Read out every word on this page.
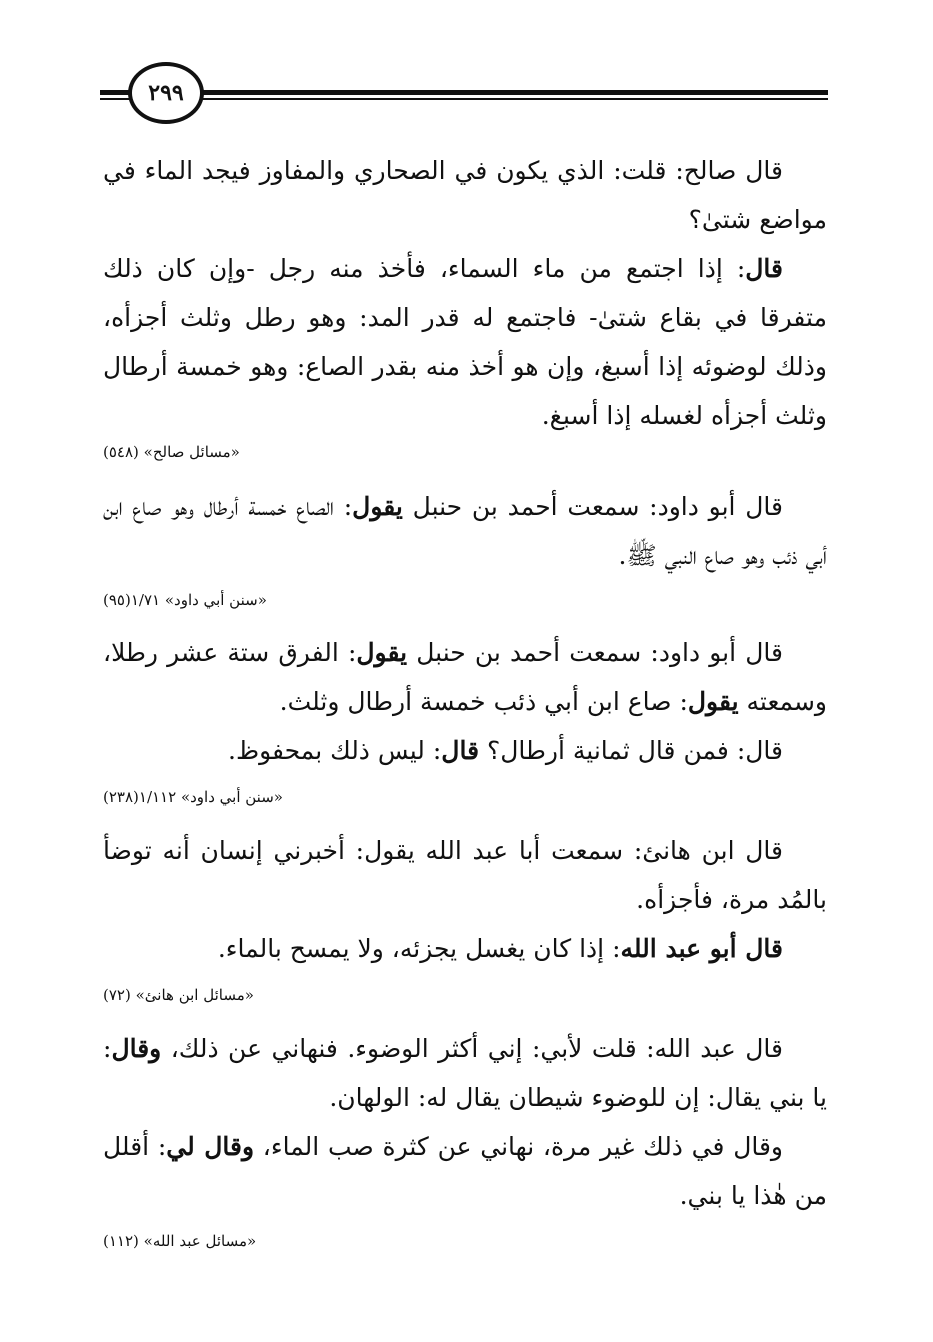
٢٩٩

قال صالح: قلت: الذي يكون في الصحاري والمفاوز فيجد الماء في مواضع شتىٰ؟

قال: إذا اجتمع من ماء السماء، فأخذ منه رجل -وإن كان ذلك متفرقا في بقاع شتىٰ- فاجتمع له قدر المد: وهو رطل وثلث أجزأه، وذلك لوضوئه إذا أسبغ، وإن هو أخذ منه بقدر الصاع: وهو خمسة أرطال وثلث أجزأه لغسله إذا أسبغ.

«مسائل صالح» (٥٤٨)

قال أبو داود: سمعت أحمد بن حنبل يقول: الصاع خمسة أرطال وهو صاع ابن أبي ذئب وهو صاع النبي ﷺ.

«سنن أبي داود» ١/٧١(٩٥)

قال أبو داود: سمعت أحمد بن حنبل يقول: الفرق ستة عشر رطلا، وسمعته يقول: صاع ابن أبي ذئب خمسة أرطال وثلث.

قال: فمن قال ثمانية أرطال؟ قال: ليس ذلك بمحفوظ.

«سنن أبي داود» ١/١١٢(٢٣٨)

قال ابن هانئ: سمعت أبا عبد الله يقول: أخبرني إنسان أنه توضأ بالمُد مرة، فأجزأه.

قال أبو عبد الله: إذا كان يغسل يجزئه، ولا يمسح بالماء.

«مسائل ابن هانئ» (٧٢)

قال عبد الله: قلت لأبي: إني أكثر الوضوء. فنهاني عن ذلك، وقال: يا بني يقال: إن للوضوء شيطان يقال له: الولهان.

وقال في ذلك غير مرة، نهاني عن كثرة صب الماء، وقال لي: أقلل من هٰذا يا بني.

«مسائل عبد الله» (١١٢)
